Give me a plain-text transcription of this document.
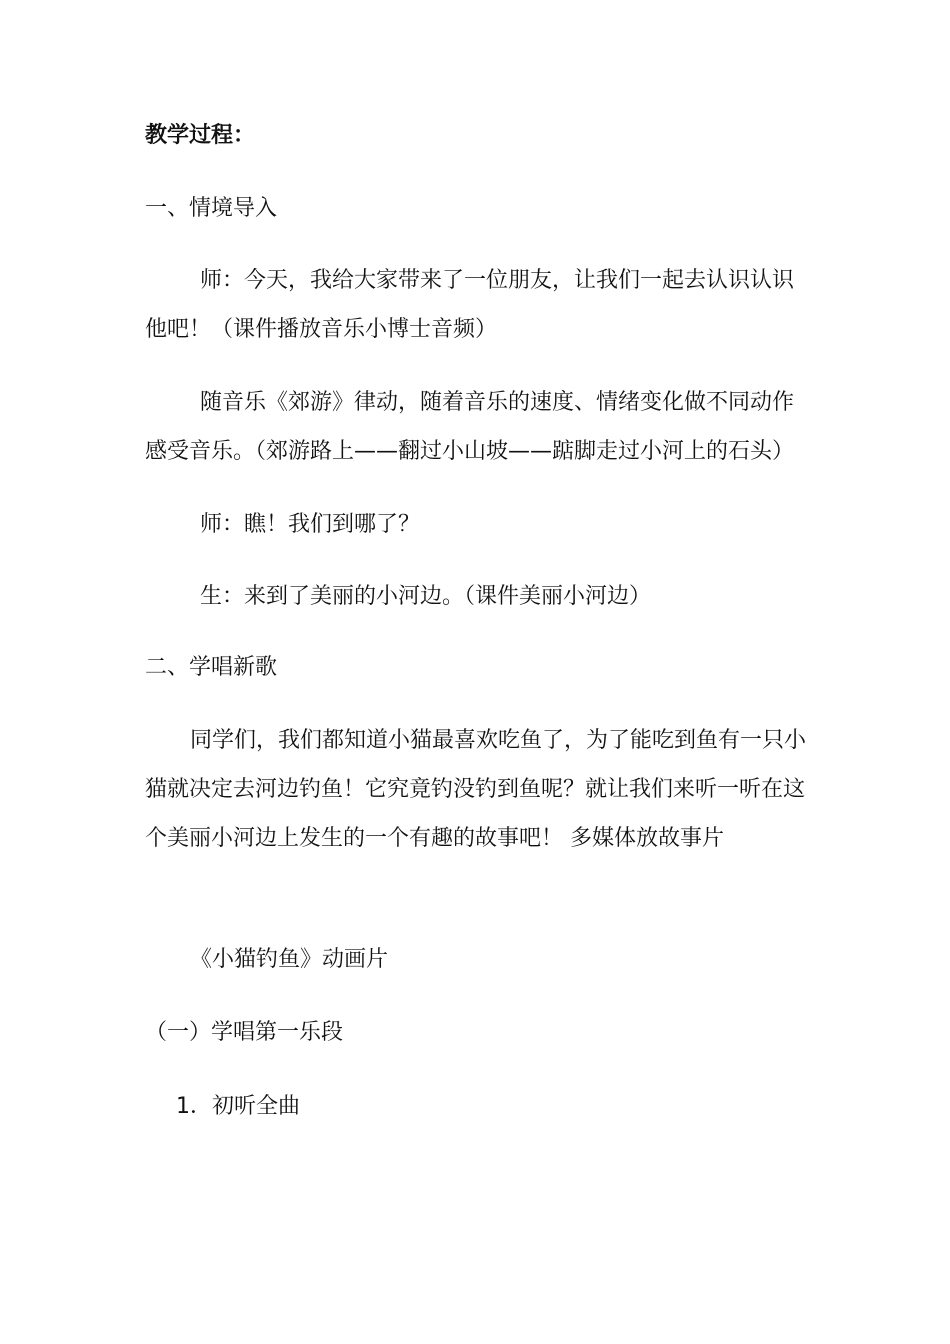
教学过程：
一、情境导入
师：今天，我给大家带来了一位朋友，让我们一起去认识认识
他吧！（课件播放音乐小博士音频）
随音乐《郊游》律动，随着音乐的速度、情绪变化做不同动作
感受音乐。（郊游路上——翻过小山坡——踮脚走过小河上的石头）
师：瞧！我们到哪了？
生：来到了美丽的小河边。（课件美丽小河边）
二、学唱新歌
同学们，我们都知道小猫最喜欢吃鱼了，为了能吃到鱼有一只小
猫就决定去河边钓鱼！它究竟钓没钓到鱼呢？就让我们来听一听在这
个美丽小河边上发生的一个有趣的故事吧！ 多媒体放故事片
《小猫钓鱼》动画片
（一）学唱第一乐段
1．初听全曲
